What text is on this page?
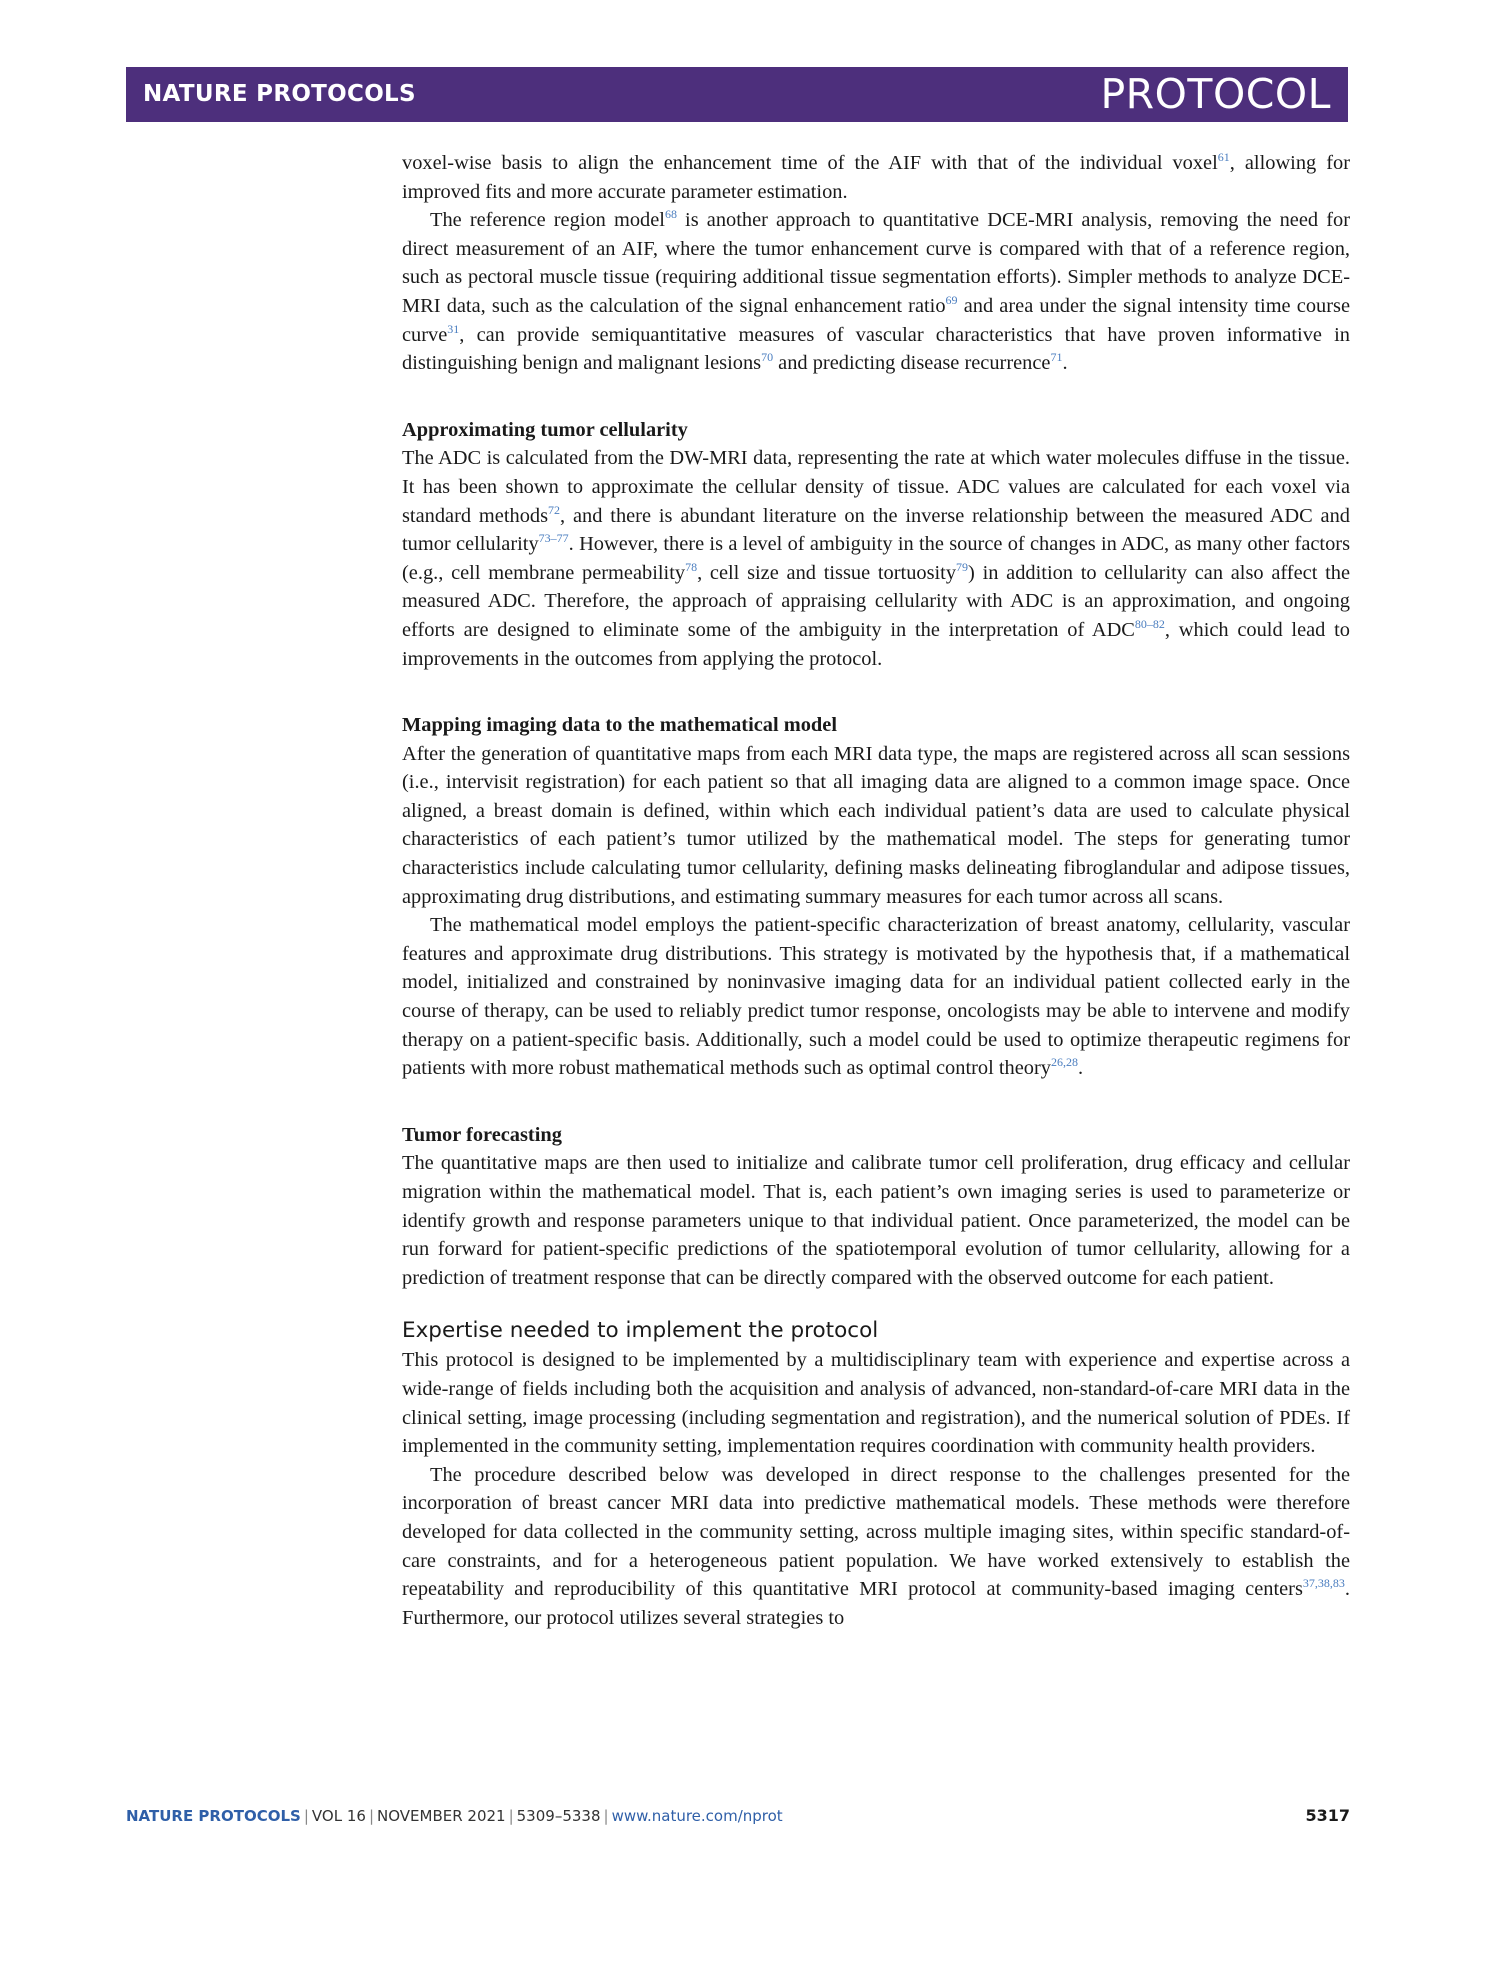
NATURE PROTOCOLS	PROTOCOL

voxel-wise basis to align the enhancement time of the AIF with that of the individual voxel$^{61}$, allowing for improved fits and more accurate parameter estimation.

The reference region model$^{68}$ is another approach to quantitative DCE-MRI analysis, removing the need for direct measurement of an AIF, where the tumor enhancement curve is compared with that of a reference region, such as pectoral muscle tissue (requiring additional tissue segmentation efforts). Simpler methods to analyze DCE-MRI data, such as the calculation of the signal enhancement ratio$^{69}$ and area under the signal intensity time course curve$^{31}$, can provide semiquantitative measures of vascular characteristics that have proven informative in distinguishing benign and malignant lesions$^{70}$ and predicting disease recurrence$^{71}$.

Approximating tumor cellularity

The ADC is calculated from the DW-MRI data, representing the rate at which water molecules diffuse in the tissue. It has been shown to approximate the cellular density of tissue. ADC values are calculated for each voxel via standard methods$^{72}$, and there is abundant literature on the inverse relationship between the measured ADC and tumor cellularity$^{73-77}$. However, there is a level of ambiguity in the source of changes in ADC, as many other factors (e.g., cell membrane permeability$^{78}$, cell size and tissue tortuosity$^{79}$) in addition to cellularity can also affect the measured ADC. Therefore, the approach of appraising cellularity with ADC is an approximation, and ongoing efforts are designed to eliminate some of the ambiguity in the interpretation of ADC$^{80-82}$, which could lead to improvements in the outcomes from applying the protocol.

Mapping imaging data to the mathematical model

After the generation of quantitative maps from each MRI data type, the maps are registered across all scan sessions (i.e., intervisit registration) for each patient so that all imaging data are aligned to a common image space. Once aligned, a breast domain is defined, within which each individual patient’s data are used to calculate physical characteristics of each patient’s tumor utilized by the mathematical model. The steps for generating tumor characteristics include calculating tumor cellularity, defining masks delineating fibroglandular and adipose tissues, approximating drug distributions, and estimating summary measures for each tumor across all scans.

The mathematical model employs the patient-specific characterization of breast anatomy, cellularity, vascular features and approximate drug distributions. This strategy is motivated by the hypothesis that, if a mathematical model, initialized and constrained by noninvasive imaging data for an individual patient collected early in the course of therapy, can be used to reliably predict tumor response, oncologists may be able to intervene and modify therapy on a patient-specific basis. Additionally, such a model could be used to optimize therapeutic regimens for patients with more robust mathematical methods such as optimal control theory$^{26,28}$.

Tumor forecasting

The quantitative maps are then used to initialize and calibrate tumor cell proliferation, drug efficacy and cellular migration within the mathematical model. That is, each patient’s own imaging series is used to parameterize or identify growth and response parameters unique to that individual patient. Once parameterized, the model can be run forward for patient-specific predictions of the spatiotemporal evolution of tumor cellularity, allowing for a prediction of treatment response that can be directly compared with the observed outcome for each patient.

Expertise needed to implement the protocol

This protocol is designed to be implemented by a multidisciplinary team with experience and expertise across a wide-range of fields including both the acquisition and analysis of advanced, non-standard-of-care MRI data in the clinical setting, image processing (including segmentation and registration), and the numerical solution of PDEs. If implemented in the community setting, implementation requires coordination with community health providers.

The procedure described below was developed in direct response to the challenges presented for the incorporation of breast cancer MRI data into predictive mathematical models. These methods were therefore developed for data collected in the community setting, across multiple imaging sites, within specific standard-of-care constraints, and for a heterogeneous patient population. We have worked extensively to establish the repeatability and reproducibility of this quantitative MRI protocol at community-based imaging centers$^{37,38,83}$. Furthermore, our protocol utilizes several strategies to

NATURE PROTOCOLS | VOL 16 | NOVEMBER 2021 | 5309–5338 | www.nature.com/nprot	5317
